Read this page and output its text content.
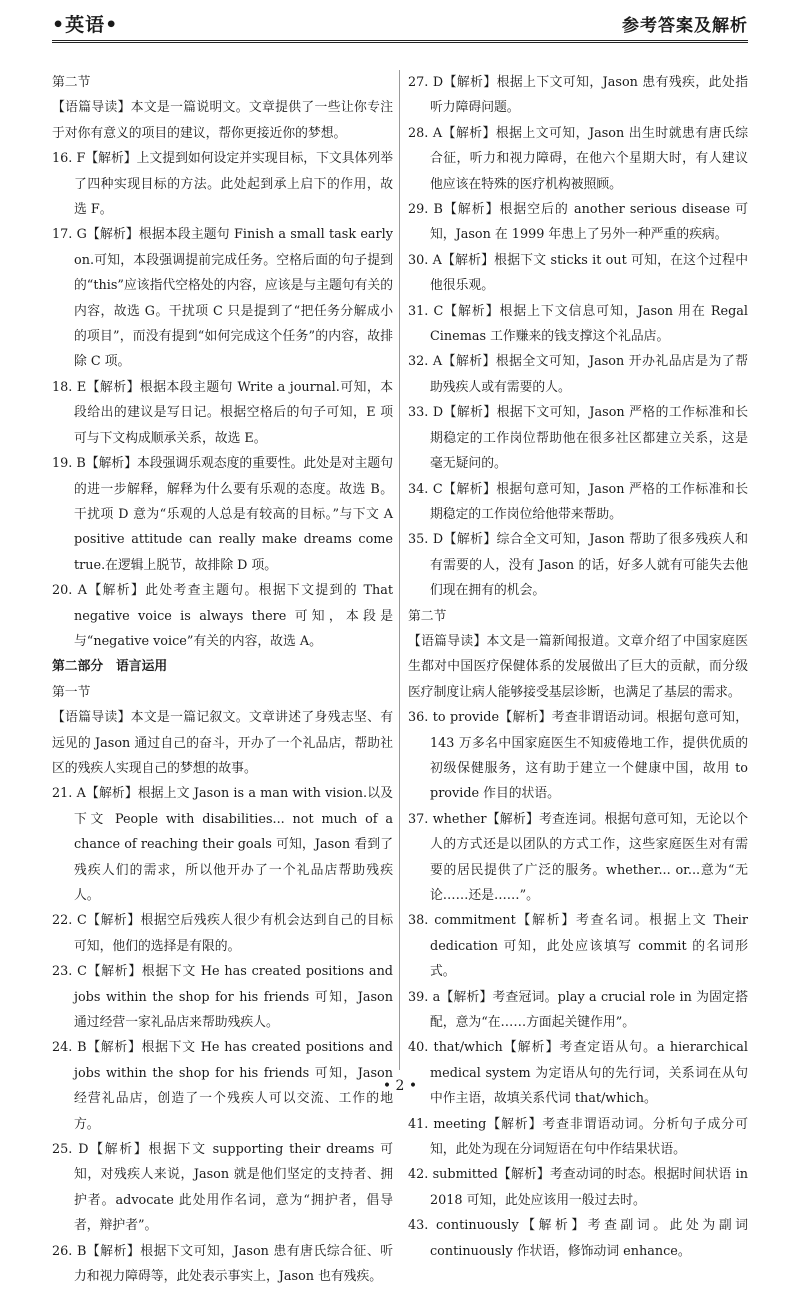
•英语•	参考答案及解析

第二节

【语篇导读】本文是一篇说明文。文章提供了一些让你专注于对你有意义的项目的建议，帮你更接近你的梦想。

16. F【解析】上文提到如何设定并实现目标，下文具体列举了四种实现目标的方法。此处起到承上启下的作用，故选 F。

17. G【解析】根据本段主题句 Finish a small task early on.可知，本段强调提前完成任务。空格后面的句子提到的“this”应该指代空格处的内容，应该是与主题句有关的内容，故选 G。干扰项 C 只是提到了“把任务分解成小的项目”，而没有提到“如何完成这个任务”的内容，故排除 C 项。

18. E【解析】根据本段主题句 Write a journal.可知，本段给出的建议是写日记。根据空格后的句子可知，E 项可与下文构成顺承关系，故选 E。

19. B【解析】本段强调乐观态度的重要性。此处是对主题句的进一步解释，解释为什么要有乐观的态度。故选 B。干扰项 D 意为“乐观的人总是有较高的目标。”与下文 A positive attitude can really make dreams come true.在逻辑上脱节，故排除 D 项。

20. A【解析】此处考查主题句。根据下文提到的 That negative voice is always there 可知，本段是与“negative voice”有关的内容，故选 A。

第二部分　语言运用

第一节

【语篇导读】本文是一篇记叙文。文章讲述了身残志坚、有远见的 Jason 通过自己的奋斗，开办了一个礼品店，帮助社区的残疾人实现自己的梦想的故事。

21. A【解析】根据上文 Jason is a man with vision.以及下文 People with disabilities... not much of a chance of reaching their goals 可知，Jason 看到了残疾人们的需求，所以他开办了一个礼品店帮助残疾人。

22. C【解析】根据空后残疾人很少有机会达到自己的目标可知，他们的选择是有限的。

23. C【解析】根据下文 He has created positions and jobs within the shop for his friends 可知，Jason 通过经营一家礼品店来帮助残疾人。

24. B【解析】根据下文 He has created positions and jobs within the shop for his friends 可知，Jason 经营礼品店，创造了一个残疾人可以交流、工作的地方。

25. D【解析】根据下文 supporting their dreams 可知，对残疾人来说，Jason 就是他们坚定的支持者、拥护者。advocate 此处用作名词，意为“拥护者，倡导者，辩护者”。

26. B【解析】根据下文可知，Jason 患有唐氏综合征、听力和视力障碍等，此处表示事实上，Jason 也有残疾。

27. D【解析】根据上下文可知，Jason 患有残疾，此处指听力障碍问题。

28. A【解析】根据上文可知，Jason 出生时就患有唐氏综合征，听力和视力障碍，在他六个星期大时，有人建议他应该在特殊的医疗机构被照顾。

29. B【解析】根据空后的 another serious disease 可知，Jason 在 1999 年患上了另外一种严重的疾病。

30. A【解析】根据下文 sticks it out 可知，在这个过程中他很乐观。

31. C【解析】根据上下文信息可知，Jason 用在 Regal Cinemas 工作赚来的钱支撑这个礼品店。

32. A【解析】根据全文可知，Jason 开办礼品店是为了帮助残疾人或有需要的人。

33. D【解析】根据下文可知，Jason 严格的工作标准和长期稳定的工作岗位帮助他在很多社区都建立关系，这是毫无疑问的。

34. C【解析】根据句意可知，Jason 严格的工作标准和长期稳定的工作岗位给他带来帮助。

35. D【解析】综合全文可知，Jason 帮助了很多残疾人和有需要的人，没有 Jason 的话，好多人就有可能失去他们现在拥有的机会。

第二节

【语篇导读】本文是一篇新闻报道。文章介绍了中国家庭医生都对中国医疗保健体系的发展做出了巨大的贡献，而分级医疗制度让病人能够接受基层诊断，也满足了基层的需求。

36. to provide【解析】考查非谓语动词。根据句意可知，143 万多名中国家庭医生不知疲倦地工作，提供优质的初级保健服务，这有助于建立一个健康中国，故用 to provide 作目的状语。

37. whether【解析】考查连词。根据句意可知，无论以个人的方式还是以团队的方式工作，这些家庭医生对有需要的居民提供了广泛的服务。whether... or...意为“无论……还是……”。

38. commitment【解析】考查名词。根据上文 Their dedication 可知，此处应该填写 commit 的名词形式。

39. a【解析】考查冠词。play a crucial role in 为固定搭配，意为“在……方面起关键作用”。

40. that/which【解析】考查定语从句。a hierarchical medical system 为定语从句的先行词，关系词在从句中作主语，故填关系代词 that/which。

41. meeting【解析】考查非谓语动词。分析句子成分可知，此处为现在分词短语在句中作结果状语。

42. submitted【解析】考查动词的时态。根据时间状语 in 2018 可知，此处应该用一般过去时。

43. continuously【解析】考查副词。此处为副词 continuously 作状语，修饰动词 enhance。

• 2 •
